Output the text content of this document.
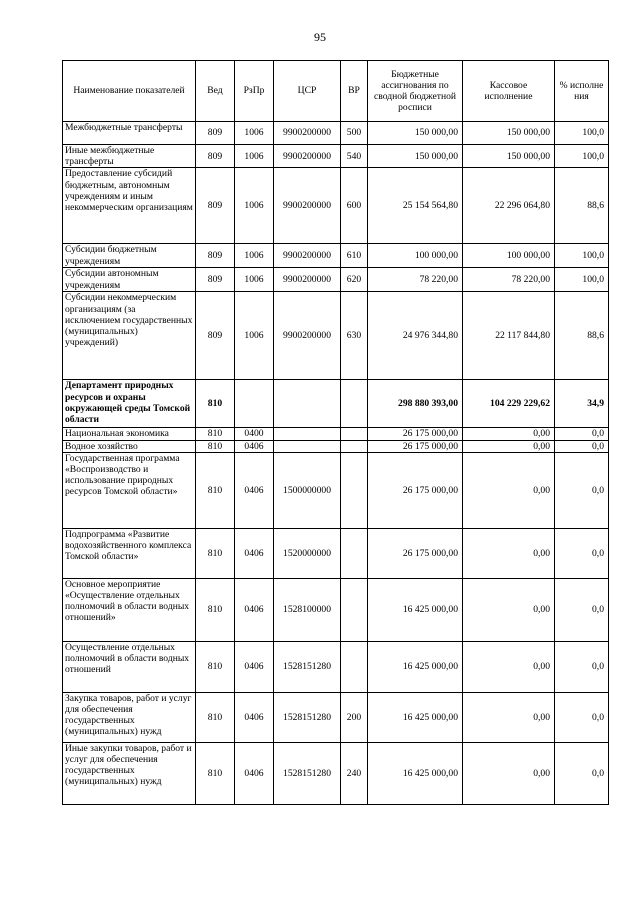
95
Наименование показателей	Вед	РзПр	ЦСР	ВР	Бюджетные ассигнования по сводной бюджетной росписи	Кассовое исполнение	% исполне ния
Межбюджетные трансферты	809	1006	9900200000	500	150 000,00	150 000,00	100,0
Иные межбюджетные трансферты	809	1006	9900200000	540	150 000,00	150 000,00	100,0
Предоставление субсидий бюджетным, автономным учреждениям и иным некоммерческим организациям	809	1006	9900200000	600	25 154 564,80	22 296 064,80	88,6
Субсидии бюджетным учреждениям	809	1006	9900200000	610	100 000,00	100 000,00	100,0
Субсидии автономным учреждениям	809	1006	9900200000	620	78 220,00	78 220,00	100,0
Субсидии некоммерческим организациям (за исключением государственных (муниципальных) учреждений)	809	1006	9900200000	630	24 976 344,80	22 117 844,80	88,6
Департамент природных ресурсов и охраны окружающей среды Томской области	810				298 880 393,00	104 229 229,62	34,9
Национальная экономика	810	0400			26 175 000,00	0,00	0,0
Водное хозяйство	810	0406			26 175 000,00	0,00	0,0
Государственная программа «Воспроизводство и использование природных ресурсов Томской области»	810	0406	1500000000		26 175 000,00	0,00	0,0
Подпрограмма «Развитие водохозяйственного комплекса Томской области»	810	0406	1520000000		26 175 000,00	0,00	0,0
Основное мероприятие «Осуществление отдельных полномочий в области водных отношений»	810	0406	1528100000		16 425 000,00	0,00	0,0
Осуществление отдельных полномочий в области водных отношений	810	0406	1528151280		16 425 000,00	0,00	0,0
Закупка товаров, работ и услуг для обеспечения государственных (муниципальных) нужд	810	0406	1528151280	200	16 425 000,00	0,00	0,0
Иные закупки товаров, работ и услуг для обеспечения государственных (муниципальных) нужд	810	0406	1528151280	240	16 425 000,00	0,00	0,0
